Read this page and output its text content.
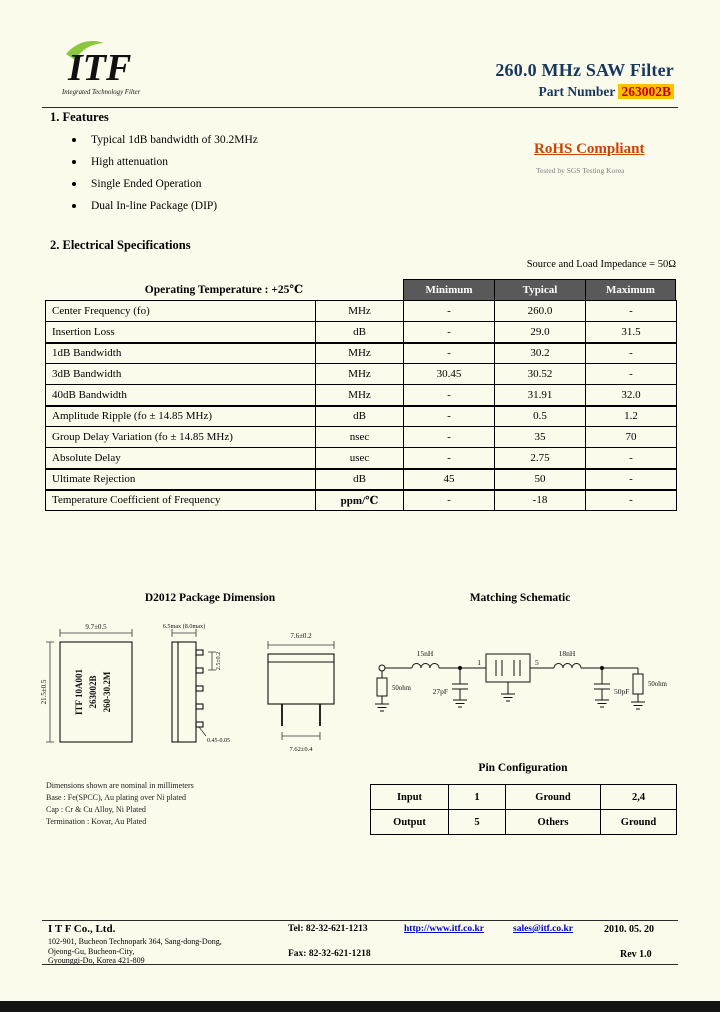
ITF
Integrated Technology Filter
260.0 MHz SAW Filter
Part Number 263002B
1. Features
Typical 1dB bandwidth of 30.2MHz
High attenuation
Single Ended Operation
Dual In-line Package (DIP)
RoHS Compliant
Tested by SGS Testing Korea
2. Electrical Specifications
Source and Load Impedance = 50Ω
Operating Temperature : +25℃	Minimum	Typical	Maximum
Center Frequency (fo)	MHz	-	260.0	-
Insertion Loss	dB	-	29.0	31.5
1dB Bandwidth	MHz	-	30.2	-
3dB Bandwidth	MHz	30.45	30.52	-
40dB Bandwidth	MHz	-	31.91	32.0
Amplitude Ripple (fo ± 14.85 MHz)	dB	-	0.5	1.2
Group Delay Variation (fo ± 14.85 MHz)	nsec	-	35	70
Absolute Delay	usec	-	2.75	-
Ultimate Rejection	dB	45	50	-
Temperature Coefficient of Frequency	ppm/℃	-	-18	-
D2012 Package Dimension	Matching Schematic
9.7±0.5
21.5±0.5	ITF 10A001 263002B 260-30.2M
6.5max (8.0max)
2.5±0.2
0.45-0.05
7.6±0.2
7.62±0.4
15nH
27pF
18nH
50pF
1	5
50ohm
50ohm
Dimensions shown are nominal in millimeters
Base : Fe(SPCC), Au plating over Ni plated
Cap : Cr & Cu Alloy, Ni Plated
Termination : Kovar, Au Plated
Pin Configuration
Input	1	Ground	2,4
Output	5	Others	Ground
I T F Co., Ltd.
102-901, Bucheon Technopark 364, Sang-dong-Dong,
Ojeong-Gu, Bucheon-City,
Gyounggi-Do, Korea 421-809
Tel: 82-32-621-1213
Fax: 82-32-621-1218
http://www.itf.co.kr	sales@itf.co.kr	2010. 05. 20
Rev 1.0
